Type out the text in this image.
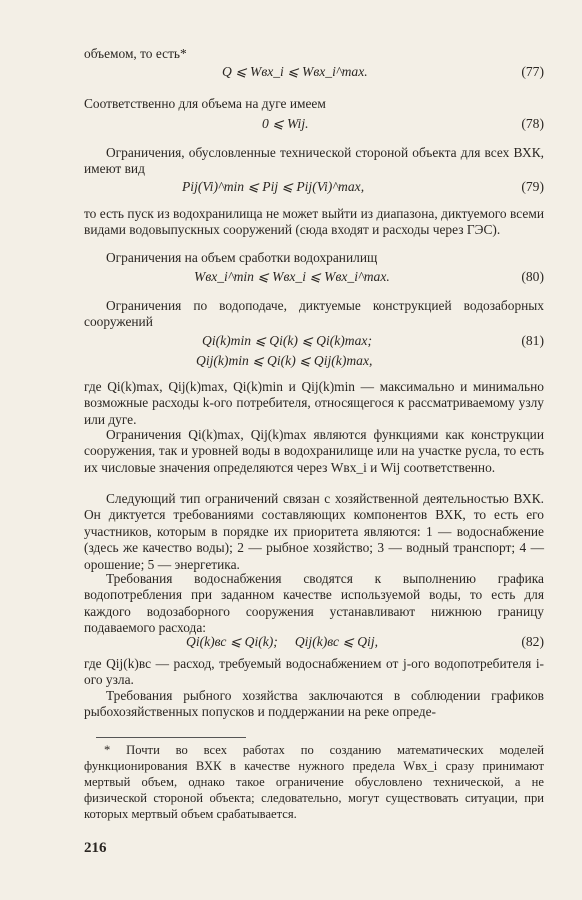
объемом, то есть*

Q ⩽ Wвх_i ⩽ Wвх_i^max.	(77)

Соответственно для объема на дуге имеем

0 ⩽ Wij.	(78)

Ограничения, обусловленные технической стороной объекта для всех ВХК, имеют вид

Pij(Vi)^min ⩽ Pij ⩽ Pij(Vi)^max,	(79)

то есть пуск из водохранилища не может выйти из диапазона, диктуемого всеми видами водовыпускных сооружений (сюда входят и расходы через ГЭС).

Ограничения на объем сработки водохранилищ

Wвх_i^min ⩽ Wвх_i ⩽ Wвх_i^max.	(80)

Ограничения по водоподаче, диктуемые конструкцией водозаборных сооружений

Qi(k)min ⩽ Qi(k) ⩽ Qi(k)max;	(81)
Qij(k)min ⩽ Qi(k) ⩽ Qij(k)max,

где Qi(k)max, Qij(k)max, Qi(k)min и Qij(k)min — максимально и минимально возможные расходы k-ого потребителя, относящегося к рассматриваемому узлу или дуге.

Ограничения Qi(k)max, Qij(k)max являются функциями как конструкции сооружения, так и уровней воды в водохранилище или на участке русла, то есть их числовые значения определяются через Wвх_i и Wij соответственно.

Следующий тип ограничений связан с хозяйственной деятельностью ВХК. Он диктуется требованиями составляющих компонентов ВХК, то есть его участников, которым в порядке их приоритета являются: 1 — водоснабжение (здесь же качество воды); 2 — рыбное хозяйство; 3 — водный транспорт; 4 — орошение; 5 — энергетика.

Требования водоснабжения сводятся к выполнению графика водопотребления при заданном качестве используемой воды, то есть для каждого водозаборного сооружения устанавливают нижнюю границу подаваемого расхода:

Qi(k)вс ⩽ Qi(k);     Qij(k)вс ⩽ Qij,	(82)

где Qij(k)вс — расход, требуемый водоснабжением от j-ого водопотребителя i-ого узла.

Требования рыбного хозяйства заключаются в соблюдении графиков рыбохозяйственных попусков и поддержании на реке опреде-

* Почти во всех работах по созданию математических моделей функционирования ВХК в качестве нужного предела Wвх_i сразу принимают мертвый объем, однако такое ограничение обусловлено технической, а не физической стороной объекта; следовательно, могут существовать ситуации, при которых мертвый объем срабатывается.

216
